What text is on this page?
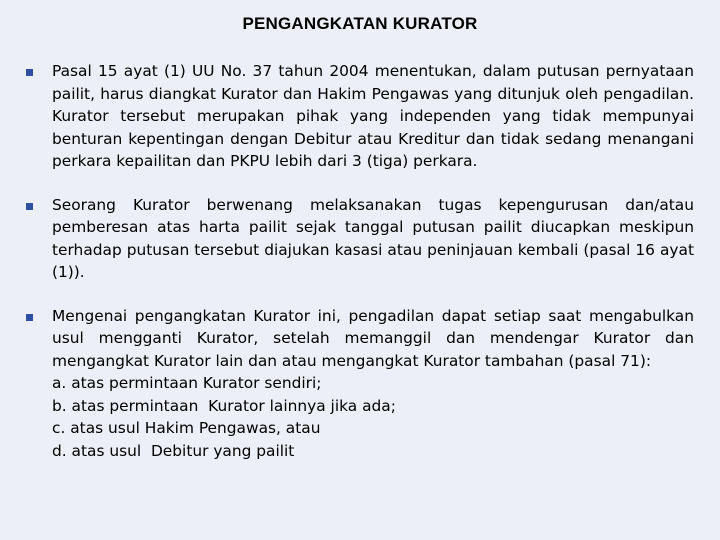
PENGANGKATAN KURATOR
Pasal 15 ayat (1) UU No. 37 tahun 2004 menentukan, dalam putusan pernyataan pailit, harus diangkat Kurator dan Hakim Pengawas yang ditunjuk oleh pengadilan. Kurator tersebut merupakan pihak yang independen yang tidak mempunyai benturan kepentingan dengan Debitur atau Kreditur dan tidak sedang menangani perkara kepailitan dan PKPU lebih dari 3 (tiga) perkara.
Seorang Kurator berwenang melaksanakan tugas kepengurusan dan/atau pemberesan atas harta pailit sejak tanggal putusan pailit diucapkan meskipun terhadap putusan tersebut diajukan kasasi atau peninjauan kembali (pasal 16 ayat (1)).
Mengenai pengangkatan Kurator ini, pengadilan dapat setiap saat mengabulkan usul mengganti Kurator, setelah memanggil dan mendengar Kurator dan mengangkat Kurator lain dan atau mengangkat Kurator tambahan (pasal 71):
a. atas permintaan Kurator sendiri;
b. atas permintaan  Kurator lainnya jika ada;
c. atas usul Hakim Pengawas, atau
d. atas usul  Debitur yang pailit
